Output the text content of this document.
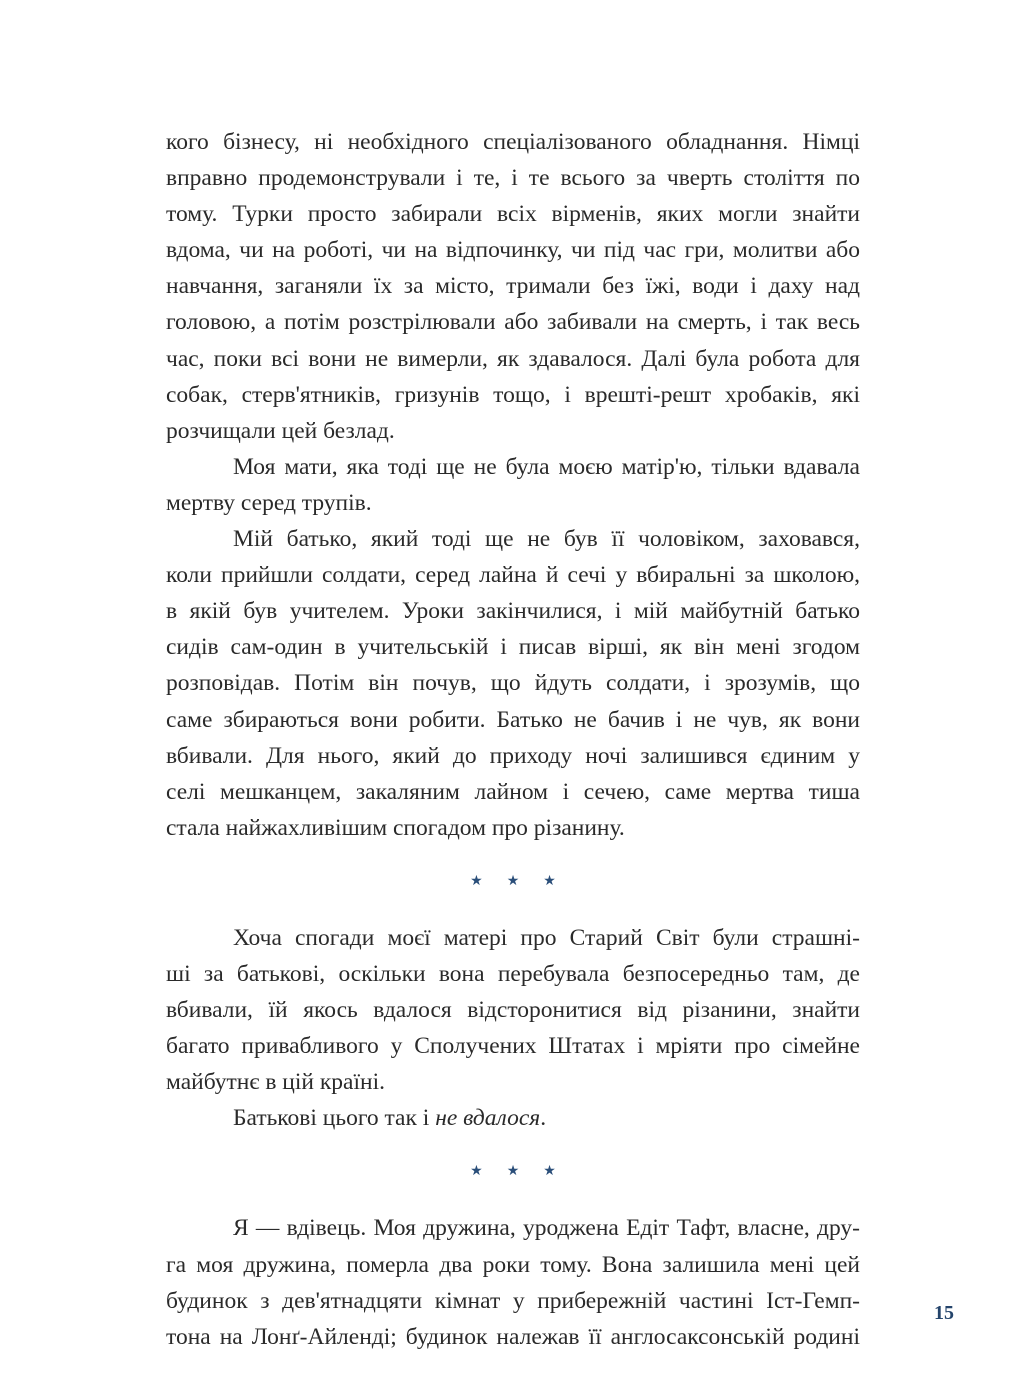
кого бізнесу, ні необхідного спеціалізованого обладнання. Німці
вправно продемонстрували і те, і те всього за чверть століття по
тому. Турки просто забирали всіх вірменів, яких могли знайти
вдома, чи на роботі, чи на відпочинку, чи під час гри, молитви або
навчання, заганяли їх за місто, тримали без їжі, води і даху над
головою, а потім розстрілювали або забивали на смерть, і так весь
час, поки всі вони не вимерли, як здавалося. Далі була робота для
собак, стерв'ятників, гризунів тощо, і врешті-решт хробаків, які
розчищали цей безлад.
Моя мати, яка тоді ще не була моєю матір'ю, тільки вдавала
мертву серед трупів.
Мій батько, який тоді ще не був її чоловіком, заховався,
коли прийшли солдати, серед лайна й сечі у вбиральні за школою,
в якій був учителем. Уроки закінчилися, і мій майбутній батько
сидів сам-один в учительській і писав вірші, як він мені згодом
розповідав. Потім він почув, що йдуть солдати, і зрозумів, що
саме збираються вони робити. Батько не бачив і не чув, як вони
вбивали. Для нього, який до приходу ночі залишився єдиним у
селі мешканцем, закаляним лайном і сечею, саме мертва тиша
стала найжахливішим спогадом про різанину.
★ ★ ★
Хоча спогади моєї матері про Старий Світ були страшні-
ші за батькові, оскільки вона перебувала безпосередньо там, де
вбивали, їй якось вдалося відсторонитися від різанини, знайти
багато привабливого у Сполучених Штатах і мріяти про сімейне
майбутнє в цій країні.
Батькові цього так і не вдалося.
★ ★ ★
Я — вдівець. Моя дружина, уроджена Едіт Тафт, власне, дру-
га моя дружина, померла два роки тому. Вона залишила мені цей
будинок з дев'ятнадцяти кімнат у прибережній частині Іст-Гемп-
тона на Лонґ-Айленді; будинок належав її англосаксонській родині
15
